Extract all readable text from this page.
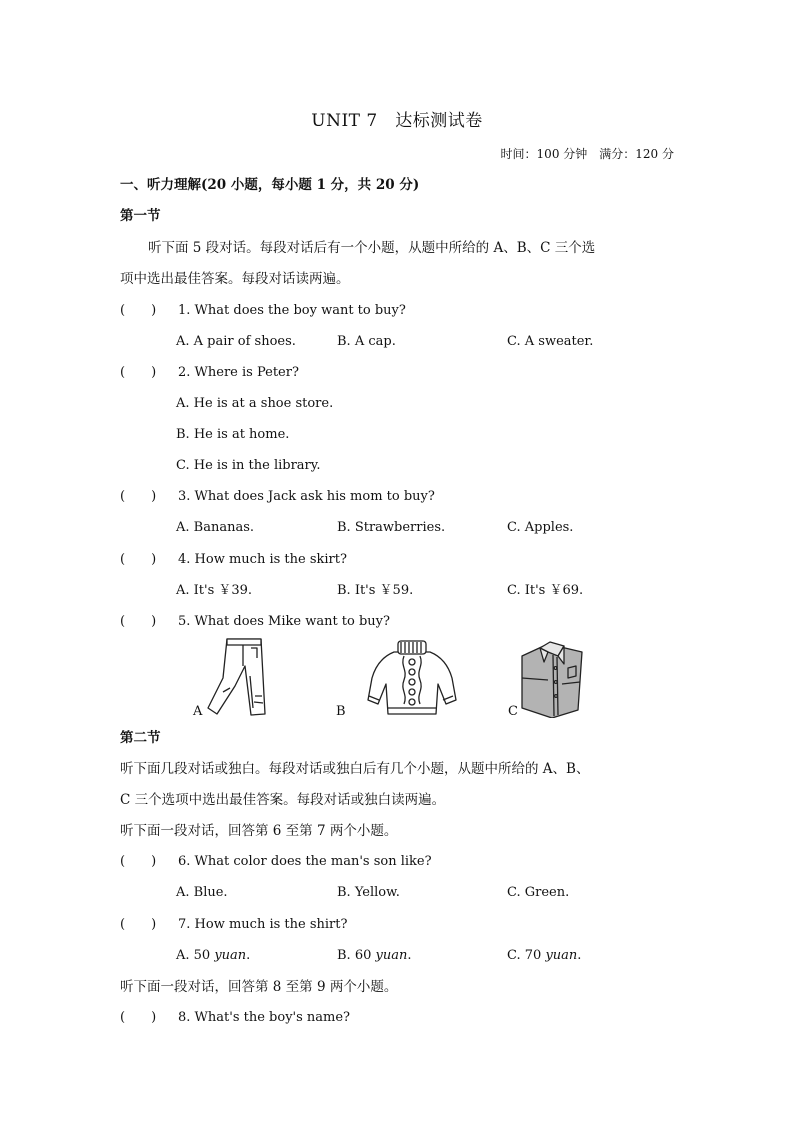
UNIT 7　达标测试卷
时间：100 分钟　满分：120 分
一、听力理解(20 小题，每小题 1 分，共 20 分)
第一节
听下面 5 段对话。每段对话后有一个小题，从题中所给的 A、B、C 三个选
项中选出最佳答案。每段对话读两遍。
(　　) 1. What does the boy want to buy?
A. A pair of shoes.	B. A cap.	C. A sweater.
(　　) 2. Where is Peter?
A. He is at a shoe store.
B. He is at home.
C. He is in the library.
(　　) 3. What does Jack ask his mom to buy?
A. Bananas.	B. Strawberries.	C. Apples.
(　　) 4. How much is the skirt?
A. It's ￥39.	B. It's ￥59.	C. It's ￥69.
(　　) 5. What does Mike want to buy?
A	B	C
第二节
听下面几段对话或独白。每段对话或独白后有几个小题，从题中所给的 A、B、
C 三个选项中选出最佳答案。每段对话或独白读两遍。
听下面一段对话，回答第 6 至第 7 两个小题。
(　　) 6. What color does the man's son like?
A. Blue.	B. Yellow.	C. Green.
(　　) 7. How much is the shirt?
A. 50 yuan.	B. 60 yuan.	C. 70 yuan.
听下面一段对话，回答第 8 至第 9 两个小题。
(　　) 8. What's the boy's name?
